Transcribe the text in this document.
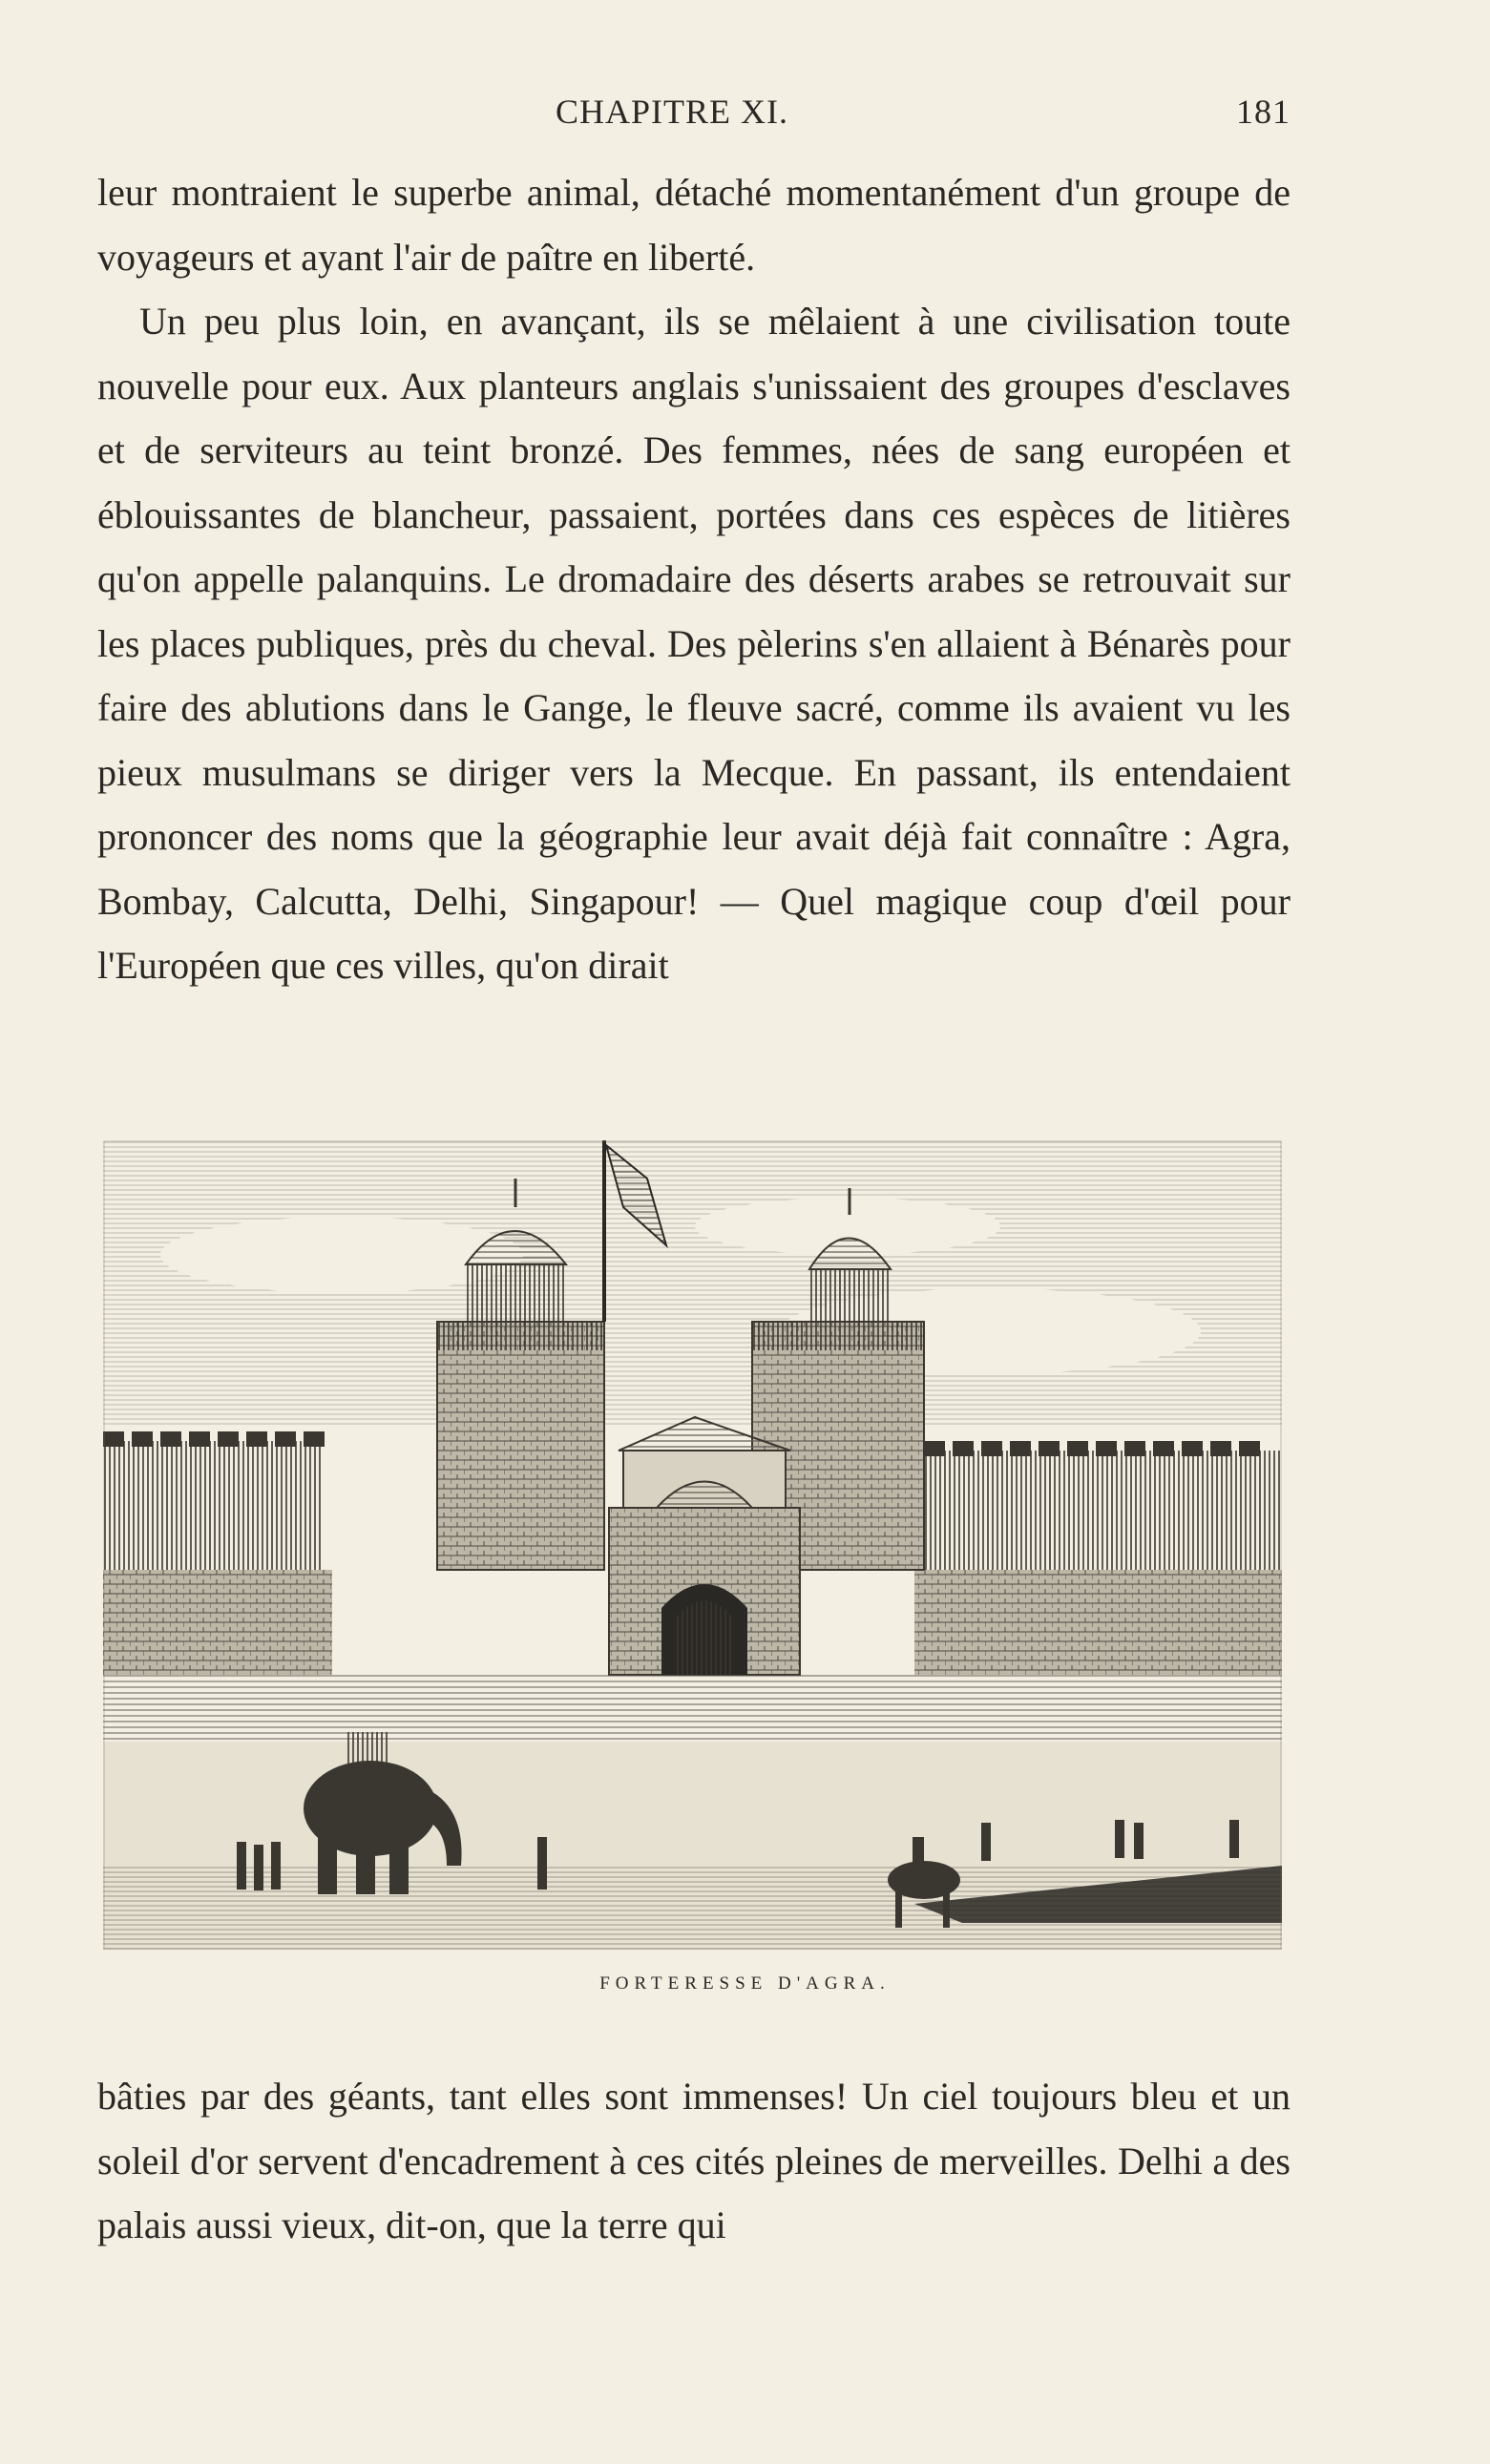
CHAPITRE XI.	181

leur montraient le superbe animal, détaché momentanément d'un groupe de voyageurs et ayant l'air de paître en liberté.

Un peu plus loin, en avançant, ils se mêlaient à une civilisation toute nouvelle pour eux. Aux planteurs anglais s'unissaient des groupes d'esclaves et de serviteurs au teint bronzé. Des femmes, nées de sang européen et éblouissantes de blancheur, passaient, portées dans ces espèces de litières qu'on appelle palanquins. Le dromadaire des déserts arabes se retrouvait sur les places publiques, près du cheval. Des pèlerins s'en allaient à Bénarès pour faire des ablutions dans le Gange, le fleuve sacré, comme ils avaient vu les pieux musulmans se diriger vers la Mecque. En passant, ils entendaient prononcer des noms que la géographie leur avait déjà fait connaître : Agra, Bombay, Calcutta, Delhi, Singapour! — Quel magique coup d'œil pour l'Européen que ces villes, qu'on dirait

FORTERESSE D'AGRA.

bâties par des géants, tant elles sont immenses! Un ciel toujours bleu et un soleil d'or servent d'encadrement à ces cités pleines de merveilles. Delhi a des palais aussi vieux, dit-on, que la terre qui
